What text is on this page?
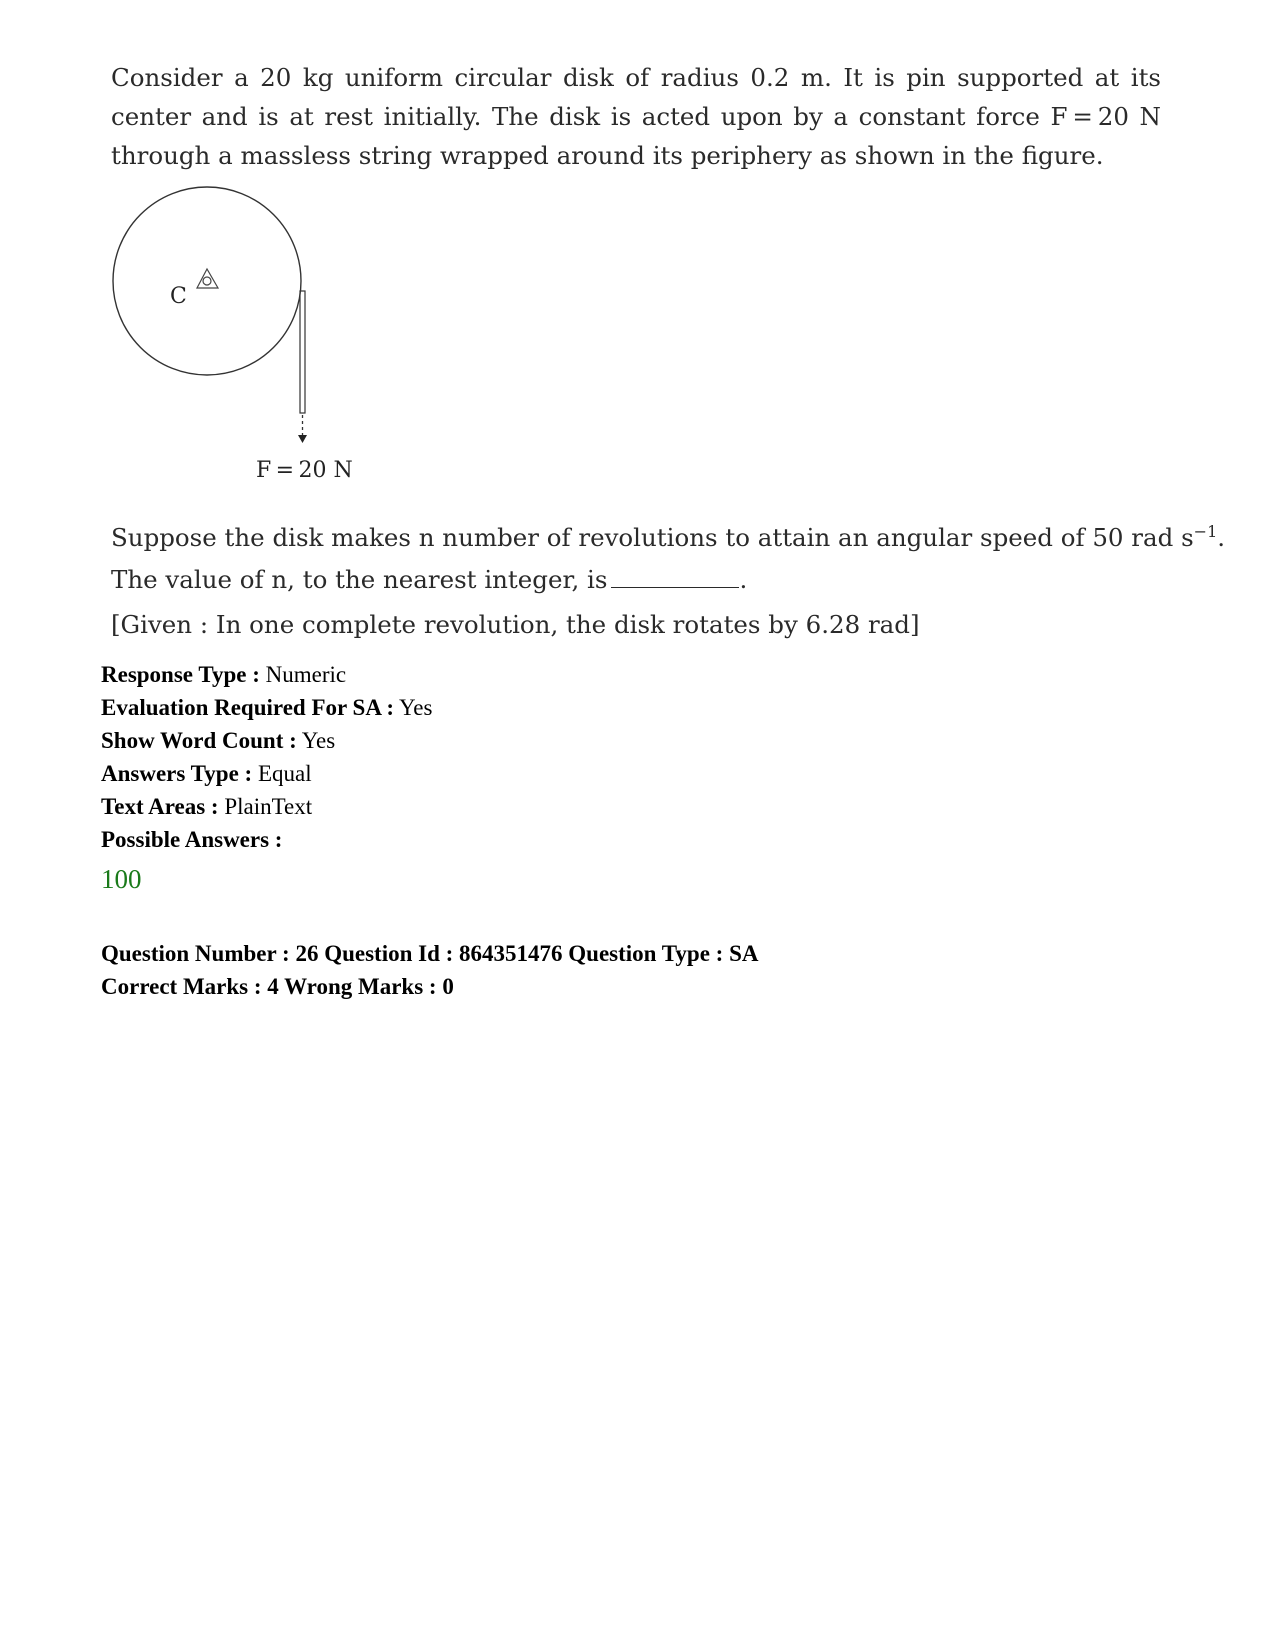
Consider a 20 kg uniform circular disk of radius 0.2 m. It is pin supported at its center and is at rest initially. The disk is acted upon by a constant force F = 20 N through a massless string wrapped around its periphery as shown in the figure.
C
F = 20 N
Suppose the disk makes n number of revolutions to attain an angular speed of 50 rad $s^{-1}$.
The value of n, to the nearest integer, is	.
[Given : In one complete revolution, the disk rotates by 6.28 rad]
Response Type : Numeric
Evaluation Required For SA : Yes
Show Word Count : Yes
Answers Type : Equal
Text Areas : PlainText
Possible Answers :
100
Question Number : 26 Question Id : 864351476 Question Type : SA
Correct Marks : 4 Wrong Marks : 0
